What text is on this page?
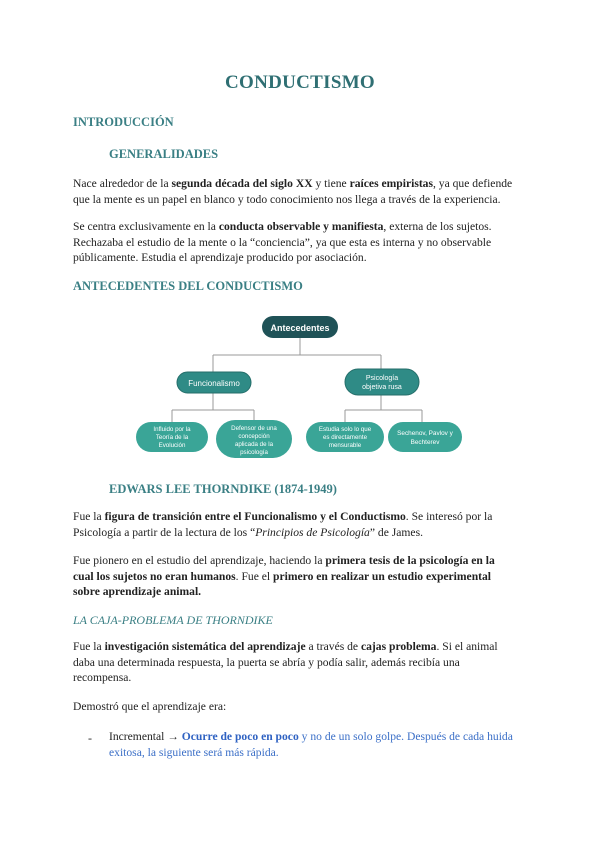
CONDUCTISMO
INTRODUCCIÓN
GENERALIDADES
Nace alrededor de la segunda década del siglo XX y tiene raíces empiristas, ya que defiende
que la mente es un papel en blanco y todo conocimiento nos llega a través de la experiencia.
Se centra exclusivamente en la conducta observable y manifiesta, externa de los sujetos.
Rechazaba el estudio de la mente o la “conciencia”, ya que esta es interna y no observable
públicamente. Estudia el aprendizaje producido por asociación.
ANTECEDENTES DEL CONDUCTISMO
Antecedentes
Funcionalismo
Psicología
objetiva rusa
Influido por la
Teoría de la
Evolución
Defensor de una
concepción
aplicada de la
psicología
Estudia solo lo que
es directamente
mensurable
Sechenov, Pavlov y
Bechterev
EDWARS LEE THORNDIKE (1874-1949)
Fue la figura de transición entre el Funcionalismo y el Conductismo. Se interesó por la
Psicología a partir de la lectura de los “Principios de Psicología” de James.
Fue pionero en el estudio del aprendizaje, haciendo la primera tesis de la psicología en la
cual los sujetos no eran humanos. Fue el primero en realizar un estudio experimental
sobre aprendizaje animal.
LA CAJA-PROBLEMA DE THORNDIKE
Fue la investigación sistemática del aprendizaje a través de cajas problema. Si el animal
daba una determinada respuesta, la puerta se abría y podía salir, además recibía una
recompensa.
Demostró que el aprendizaje era:
- Incremental → Ocurre de poco en poco y no de un solo golpe. Después de cada huida
exitosa, la siguiente será más rápida.
